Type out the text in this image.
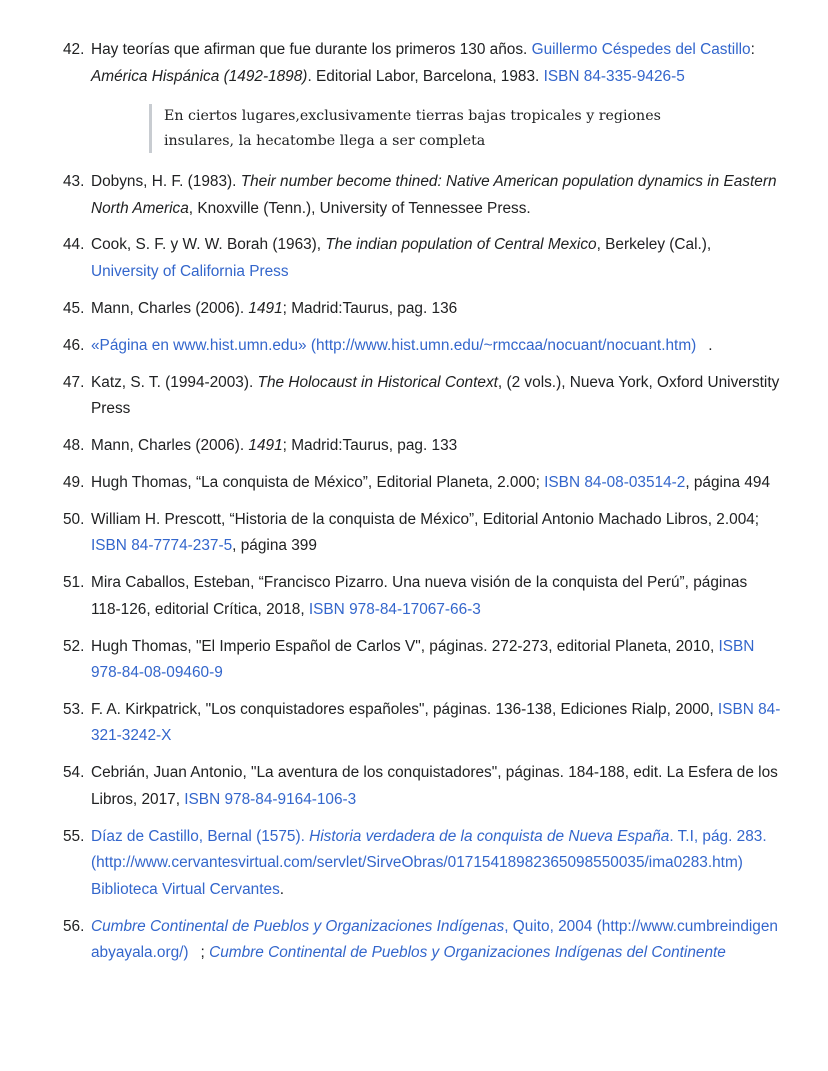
42. Hay teorías que afirman que fue durante los primeros 130 años. Guillermo Céspedes del Castillo: América Hispánica (1492-1898). Editorial Labor, Barcelona, 1983. ISBN 84-335-9426-5
En ciertos lugares,exclusivamente tierras bajas tropicales y regiones insulares, la hecatombe llega a ser completa
43. Dobyns, H. F. (1983). Their number become thined: Native American population dynamics in Eastern North America, Knoxville (Tenn.), University of Tennessee Press.
44. Cook, S. F. y W. W. Borah (1963), The indian population of Central Mexico, Berkeley (Cal.), University of California Press
45. Mann, Charles (2006). 1491; Madrid:Taurus, pag. 136
46. «Página en www.hist.umn.edu» (http://www.hist.umn.edu/~rmccaa/nocuant/nocuant.htm) .
47. Katz, S. T. (1994-2003). The Holocaust in Historical Context, (2 vols.), Nueva York, Oxford Universtity Press
48. Mann, Charles (2006). 1491; Madrid:Taurus, pag. 133
49. Hugh Thomas, “La conquista de México”, Editorial Planeta, 2.000; ISBN 84-08-03514-2, página 494
50. William H. Prescott, “Historia de la conquista de México”, Editorial Antonio Machado Libros, 2.004; ISBN 84-7774-237-5, página 399
51. Mira Caballos, Esteban, “Francisco Pizarro. Una nueva visión de la conquista del Perú”, páginas 118-126, editorial Crítica, 2018, ISBN 978-84-17067-66-3
52. Hugh Thomas, "El Imperio Español de Carlos V", páginas. 272-273, editorial Planeta, 2010, ISBN 978-84-08-09460-9
53. F. A. Kirkpatrick, "Los conquistadores españoles", páginas. 136-138, Ediciones Rialp, 2000, ISBN 84-321-3242-X
54. Cebrián, Juan Antonio, "La aventura de los conquistadores", páginas. 184-188, edit. La Esfera de los Libros, 2017, ISBN 978-84-9164-106-3
55. Díaz de Castillo, Bernal (1575). Historia verdadera de la conquista de Nueva España. T.I, pág. 283. (http://www.cervantesvirtual.com/servlet/SirveObras/01715418982365098550035/ima0283.htm)Biblioteca Virtual Cervantes.
56. Cumbre Continental de Pueblos y Organizaciones Indígenas, Quito, 2004 (http://www.cumbreindigenabyayala.org/) ; Cumbre Continental de Pueblos y Organizaciones Indígenas del Continente
